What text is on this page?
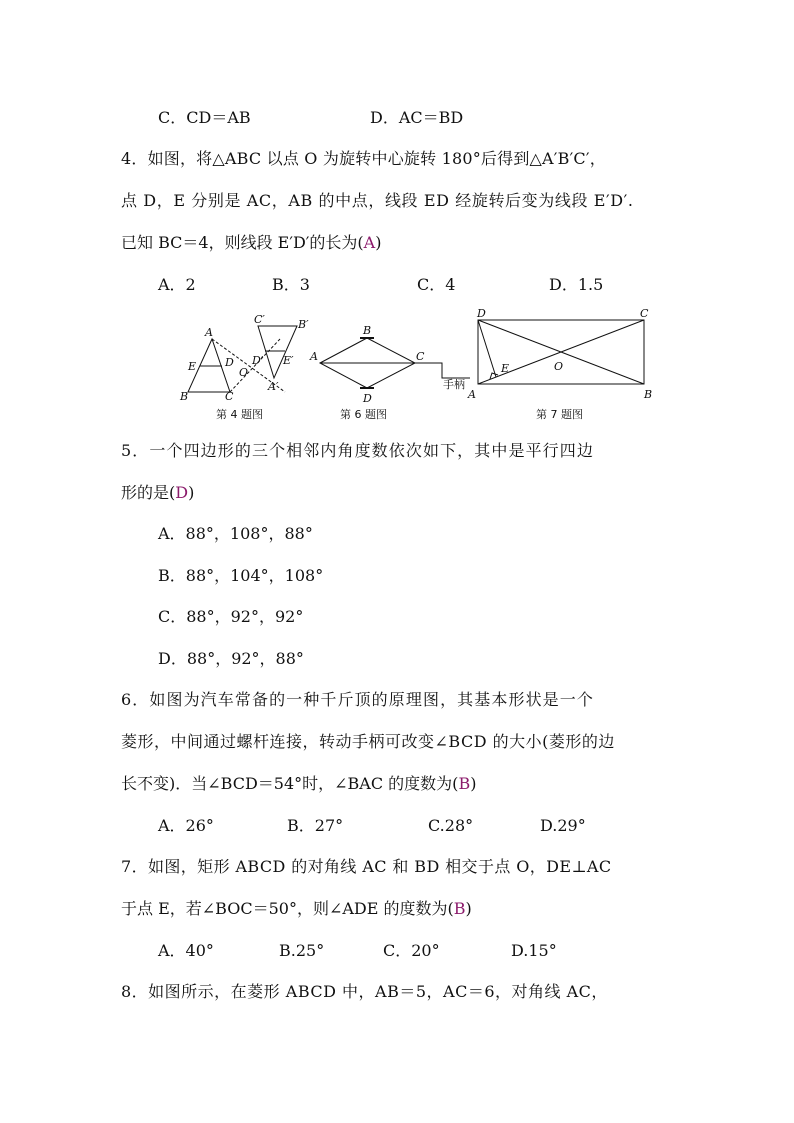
C．CD＝AB	D．AC＝BD
4．如图，将△ABC 以点 O 为旋转中心旋转 180°后得到△A′B′C′，
点 D，E 分别是 AC，AB 的中点，线段 ED 经旋转后变为线段 E′D′.
已知 BC＝4，则线段 E′D′的长为(A)
A．2	B．3	C．4	D．1.5
A
E
B
D
C
O
C′	B′
D′ E′
A′
第 4 题图
B
A	C
D
手柄
第 6 题图
D	C
E	O
A	B
第 7 题图
5．一个四边形的三个相邻内角度数依次如下，其中是平行四边
形的是(D)
A．88°，108°，88°
B．88°，104°，108°
C．88°，92°，92°
D．88°，92°，88°
6．如图为汽车常备的一种千斤顶的原理图，其基本形状是一个
菱形，中间通过螺杆连接，转动手柄可改变∠BCD 的大小(菱形的边
长不变)．当∠BCD＝54°时，∠BAC 的度数为(B)
A．26°	B．27°	C.28°	D.29°
7．如图，矩形 ABCD 的对角线 AC 和 BD 相交于点 O，DE⊥AC
于点 E，若∠BOC＝50°，则∠ADE 的度数为(B)
A．40°	B.25°	C．20°	D.15°
8．如图所示，在菱形 ABCD 中，AB＝5，AC＝6，对角线 AC，
